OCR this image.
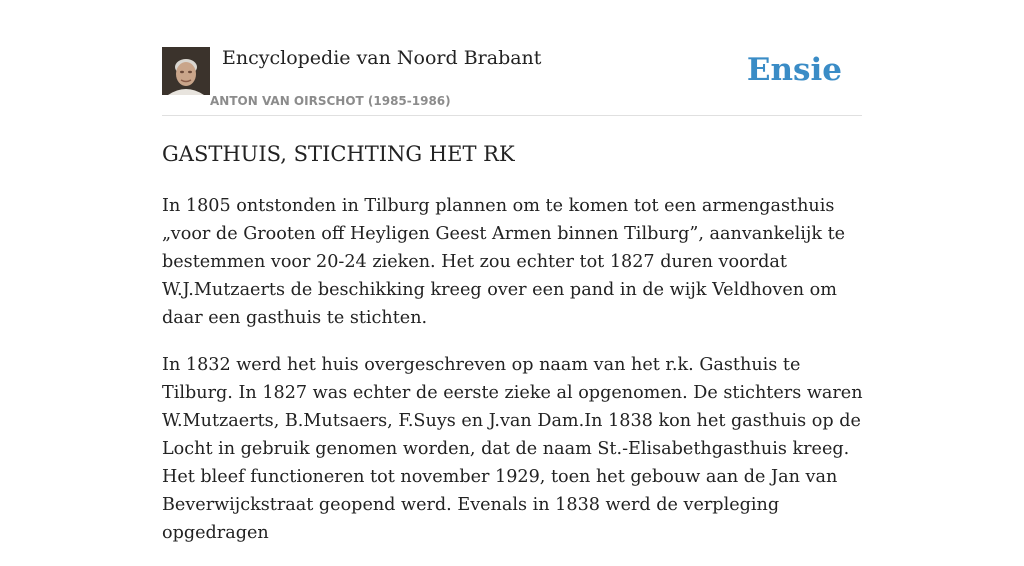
Encyclopedie van Noord Brabant
ANTON VAN OIRSCHOT (1985-1986)
Ensie
GASTHUIS, STICHTING HET RK

In 1805 ontstonden in Tilburg plannen om te komen tot een armengasthuis „voor de Grooten off Heyligen Geest Armen binnen Tilburg”, aanvankelijk te bestemmen voor 20-24 zieken. Het zou echter tot 1827 duren voordat W.J.Mutzaerts de beschikking kreeg over een pand in de wijk Veldhoven om daar een gasthuis te stichten.

In 1832 werd het huis overgeschreven op naam van het r.k. Gasthuis te Tilburg. In 1827 was echter de eerste zieke al opgenomen. De stichters waren W.Mutzaerts, B.Mutsaers, F.Suys en J.van Dam.In 1838 kon het gasthuis op de Locht in gebruik genomen worden, dat de naam St.-Elisabethgasthuis kreeg. Het bleef functioneren tot november 1929, toen het gebouw aan de Jan van Beverwijckstraat geopend werd. Evenals in 1838 werd de verpleging opgedragen
